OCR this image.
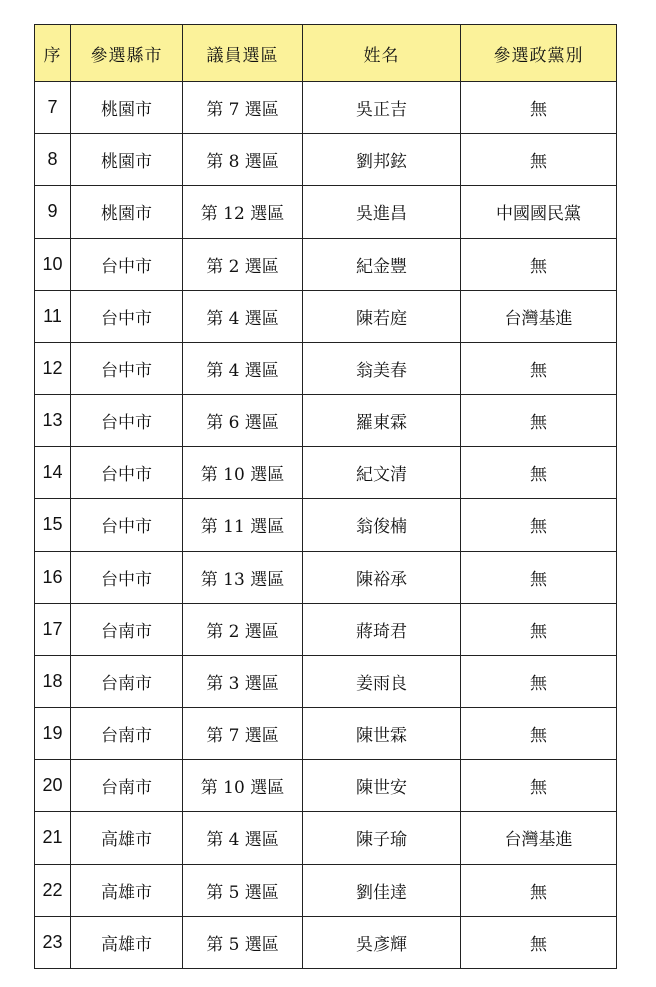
序	參選縣市	議員選區	姓名	參選政黨別
7	桃園市	第 7 選區	吳正吉	無
8	桃園市	第 8 選區	劉邦鉉	無
9	桃園市	第 12 選區	吳進昌	中國國民黨
10	台中市	第 2 選區	紀金豐	無
11	台中市	第 4 選區	陳若庭	台灣基進
12	台中市	第 4 選區	翁美春	無
13	台中市	第 6 選區	羅東霖	無
14	台中市	第 10 選區	紀文清	無
15	台中市	第 11 選區	翁俊楠	無
16	台中市	第 13 選區	陳裕承	無
17	台南市	第 2 選區	蔣琦君	無
18	台南市	第 3 選區	姜雨良	無
19	台南市	第 7 選區	陳世霖	無
20	台南市	第 10 選區	陳世安	無
21	高雄市	第 4 選區	陳子瑜	台灣基進
22	高雄市	第 5 選區	劉佳達	無
23	高雄市	第 5 選區	吳彥輝	無
